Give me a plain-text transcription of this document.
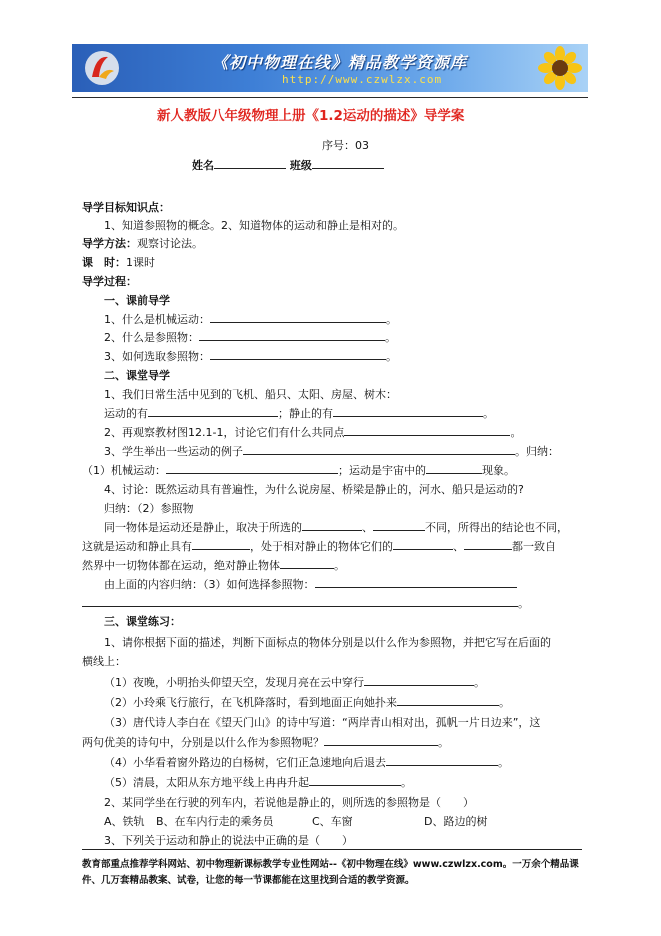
《初中物理在线》精品教学资源库
http://www.czwlzx.com
新人教版八年级物理上册《1.2运动的描述》导学案
序号：03
姓名	班级
导学目标知识点：
1、知道参照物的概念。2、知道物体的运动和静止是相对的。
导学方法：观察讨论法。
课　时：1课时
导学过程：
一、课前导学
1、什么是机械运动：	。
2、什么是参照物：	。
3、如何选取参照物：	。
二、课堂导学
1、我们日常生活中见到的飞机、船只、太阳、房屋、树木：
运动的有	；静止的有	。
2、再观察教材图12.1-1，讨论它们有什么共同点	。
3、学生举出一些运动的例子	。归纳：
（1）机械运动：	；运动是宇宙中的	现象。
4、讨论：既然运动具有普遍性，为什么说房屋、桥梁是静止的，河水、船只是运动的?
归纳：（2）参照物
同一物体是运动还是静止，取决于所选的	、	不同，所得出的结论也不同，
这就是运动和静止具有	，处于相对静止的物体它们的	、	都一致自
然界中一切物体都在运动，绝对静止物体	。
由上面的内容归纳：（3）如何选择参照物：
。
三、课堂练习：
1、请你根据下面的描述，判断下面标点的物体分别是以什么作为参照物，并把它写在后面的
横线上：
（1）夜晚，小明抬头仰望天空，发现月亮在云中穿行	。
（2）小玲乘飞行旅行，在飞机降落时，看到地面正向她扑来	。
（3）唐代诗人李白在《望天门山》的诗中写道：“两岸青山相对出，孤帆一片日边来”，这
两句优美的诗句中，分别是以什么作为参照物呢？	。
（4）小华看着窗外路边的白杨树，它们正急速地向后退去	。
（5）清晨，太阳从东方地平线上冉冉升起	。
2、某同学坐在行驶的列车内，若说他是静止的，则所选的参照物是（　　）
A、铁轨 B、在车内行走的乘务员	C、车窗	D、路边的树
3、下列关于运动和静止的说法中正确的是（　　）
教育部重点推荐学科网站、初中物理新课标教学专业性网站--《初中物理在线》www.czwlzx.com。一万余个精品课
件、几万套精品教案、试卷，让您的每一节课都能在这里找到合适的教学资源。
